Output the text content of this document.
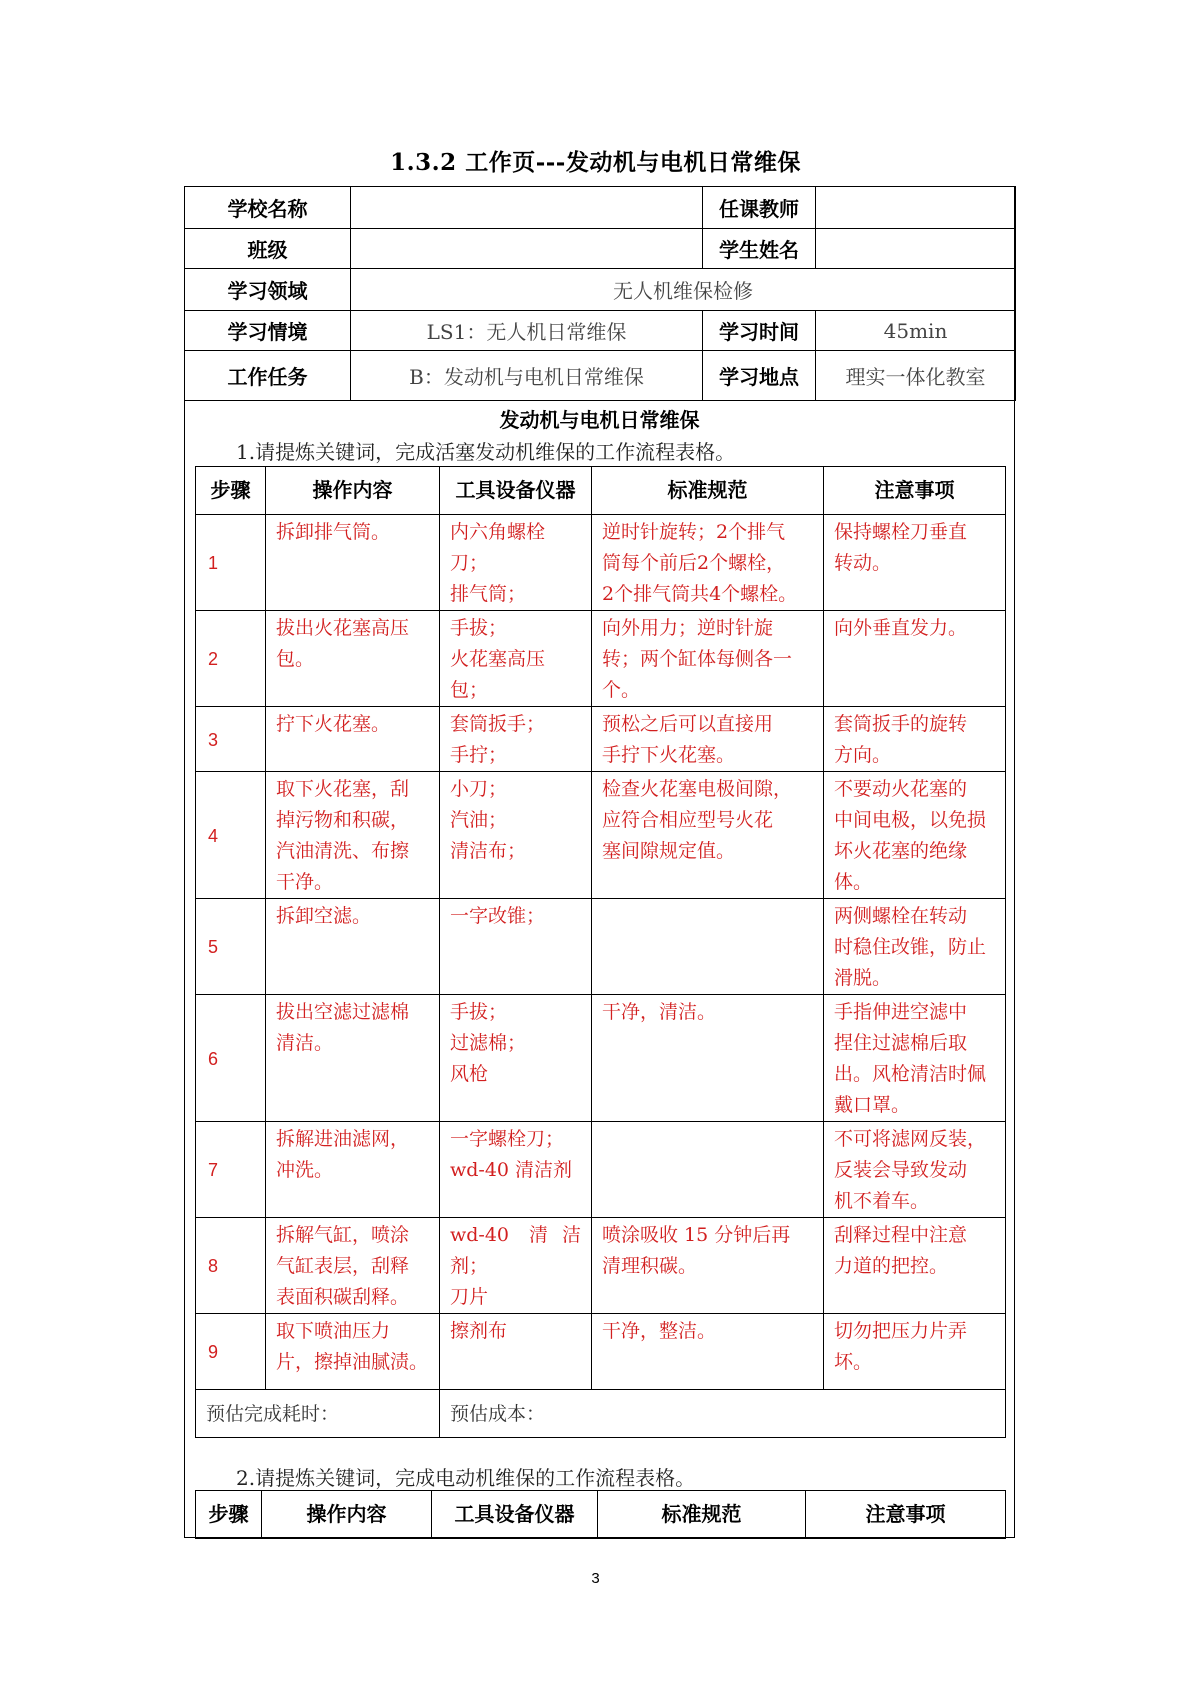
1.3.2 工作页---发动机与电机日常维保
学校名称		任课教师	
班级		学生姓名	
学习领域	无人机维保检修		
学习情境	LS1：无人机日常维保	学习时间	45min
工作任务	B：发动机与电机日常维保	学习地点	理实一体化教室
发动机与电机日常维保
1.请提炼关键词，完成活塞发动机维保的工作流程表格。
步骤	操作内容	工具设备仪器	标准规范	注意事项
1	拆卸排气筒。	内六角螺栓
刀；
排气筒；	逆时针旋转；2个排气
筒每个前后2个螺栓，
2个排气筒共4个螺栓。	保持螺栓刀垂直
转动。

2	拔出火花塞高压
包。	手拔；
火花塞高压
包；	向外用力；逆时针旋
转；两个缸体每侧各一
个。	向外垂直发力。

3	拧下火花塞。	套筒扳手；
手拧；	预松之后可以直接用
手拧下火花塞。	套筒扳手的旋转
方向。

4	取下火花塞，刮
掉污物和积碳，
汽油清洗、布擦
干净。	小刀；
汽油；
清洁布；	检查火花塞电极间隙，
应符合相应型号火花
塞间隙规定值。	不要动火花塞的
中间电极，以免损
坏火花塞的绝缘
体。

5	拆卸空滤。	一字改锥；		两侧螺栓在转动
时稳住改锥，防止
滑脱。

6	拔出空滤过滤棉
清洁。	手拔；
过滤棉；
风枪	干净，清洁。	手指伸进空滤中
捏住过滤棉后取
出。风枪清洁时佩
戴口罩。

7	拆解进油滤网，
冲洗。	一字螺栓刀；
wd-40 清洁剂		不可将滤网反装，
反装会导致发动
机不着车。

8	拆解气缸，喷涂
气缸表层，刮释
表面积碳刮释。	wd-40 清洁剂；
刀片	喷涂吸收 15 分钟后再
清理积碳。	刮释过程中注意
力道的把控。

9	取下喷油压力
片，擦掉油腻渍。	擦剂布	干净，整洁。	切勿把压力片弄
坏。

预估完成耗时：		预估成本：		
2.请提炼关键词，完成电动机维保的工作流程表格。
步骤	操作内容	工具设备仪器	标准规范	注意事项
3
